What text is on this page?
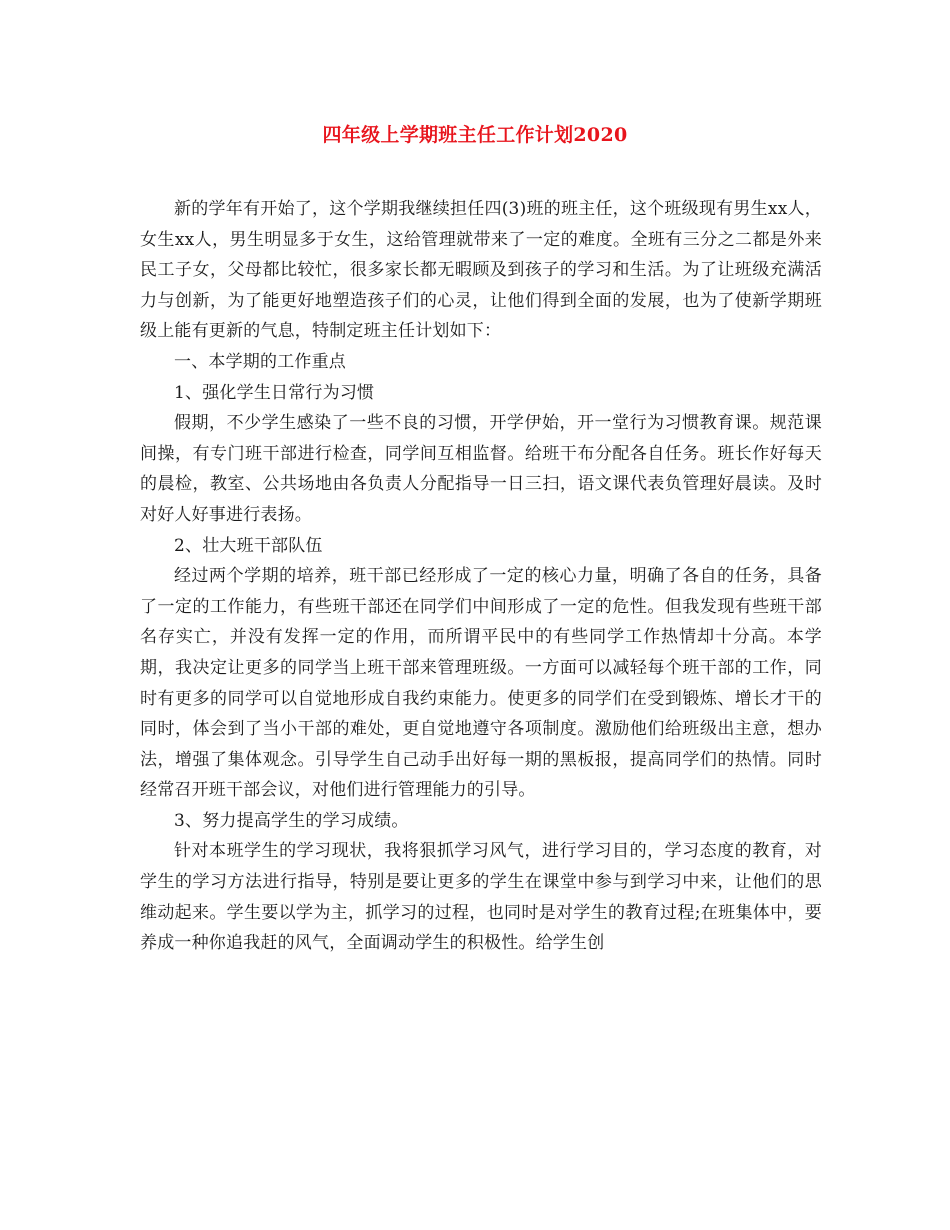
四年级上学期班主任工作计划2020

新的学年有开始了，这个学期我继续担任四(3)班的班主任，这个班级现有男生xx人，女生xx人，男生明显多于女生，这给管理就带来了一定的难度。全班有三分之二都是外来民工子女，父母都比较忙，很多家长都无暇顾及到孩子的学习和生活。为了让班级充满活力与创新，为了能更好地塑造孩子们的心灵，让他们得到全面的发展，也为了使新学期班级上能有更新的气息，特制定班主任计划如下：

一、本学期的工作重点

1、强化学生日常行为习惯

假期，不少学生感染了一些不良的习惯，开学伊始，开一堂行为习惯教育课。规范课间操，有专门班干部进行检查，同学间互相监督。给班干布分配各自任务。班长作好每天的晨检，教室、公共场地由各负责人分配指导一日三扫，语文课代表负管理好晨读。及时对好人好事进行表扬。

2、壮大班干部队伍

经过两个学期的培养，班干部已经形成了一定的核心力量，明确了各自的任务，具备了一定的工作能力，有些班干部还在同学们中间形成了一定的危性。但我发现有些班干部名存实亡，并没有发挥一定的作用，而所谓平民中的有些同学工作热情却十分高。本学期，我决定让更多的同学当上班干部来管理班级。一方面可以减轻每个班干部的工作，同时有更多的同学可以自觉地形成自我约束能力。使更多的同学们在受到锻炼、增长才干的同时，体会到了当小干部的难处，更自觉地遵守各项制度。激励他们给班级出主意，想办法，增强了集体观念。引导学生自己动手出好每一期的黑板报，提高同学们的热情。同时经常召开班干部会议，对他们进行管理能力的引导。

3、努力提高学生的学习成绩。

针对本班学生的学习现状，我将狠抓学习风气，进行学习目的，学习态度的教育，对学生的学习方法进行指导，特别是要让更多的学生在课堂中参与到学习中来，让他们的思维动起来。学生要以学为主，抓学习的过程，也同时是对学生的教育过程;在班集体中，要养成一种你追我赶的风气，全面调动学生的积极性。给学生创
